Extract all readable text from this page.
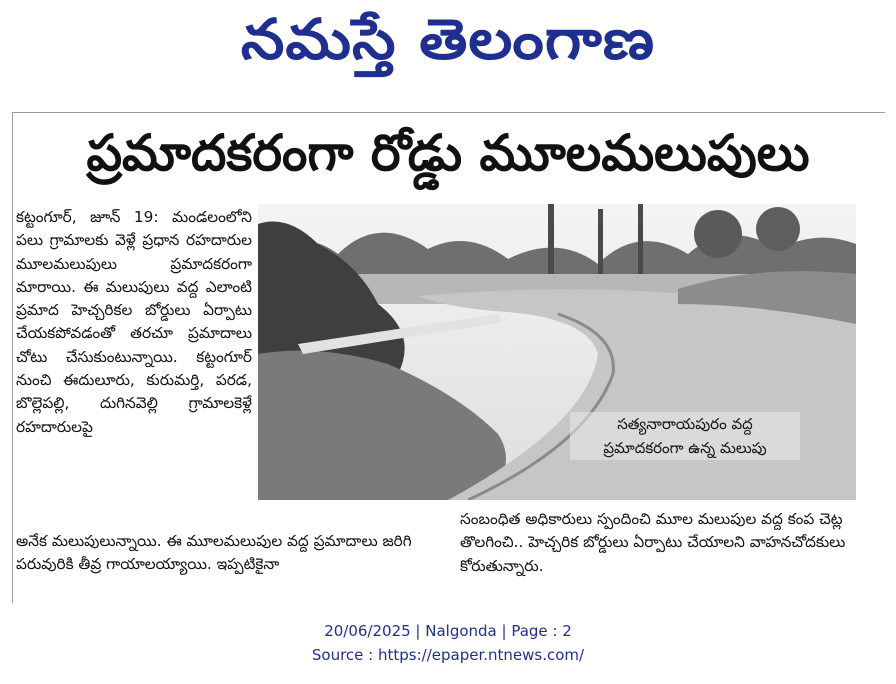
నమస్తే తెలంగాణ
ప్రమాదకరంగా రోడ్డు మూలమలుపులు

కట్టంగూర్, జూన్ 19: మండలంలోని పలు గ్రామాలకు వెళ్లే ప్రధాన రహదారుల మూలమలుపులు ప్రమాదకరంగా మారాయి. ఈ మలుపులు వద్ద ఎలాంటి ప్రమాద హెచ్చరికల బోర్డులు ఏర్పాటు చేయకపోవడంతో తరచూ ప్రమాదాలు చోటు చేసుకుంటున్నాయి. కట్టంగూర్ నుంచి ఈదులూరు, కురుమర్తి, పరడ, బొల్లెపల్లి, దుగినవెల్లి గ్రామాలకెళ్లే రహదారులపై	సత్యనారాయపురం వద్ద
ప్రమాదకరంగా ఉన్న మలుపు
అనేక మలుపులున్నాయి. ఈ మూలమలుపుల వద్ద ప్రమాదాలు జరిగి పరువురికి తీవ్ర గాయాలయ్యాయి. ఇప్పటికైనా
సంబంధిత అధికారులు స్పందించి మూల మలుపుల వద్ద కంప చెట్ల తొలగించి.. హెచ్చరిక బోర్డులు ఏర్పాటు చేయాలని వాహనచోదకులు కోరుతున్నారు.
20/06/2025 | Nalgonda | Page : 2
Source : https://epaper.ntnews.com/
